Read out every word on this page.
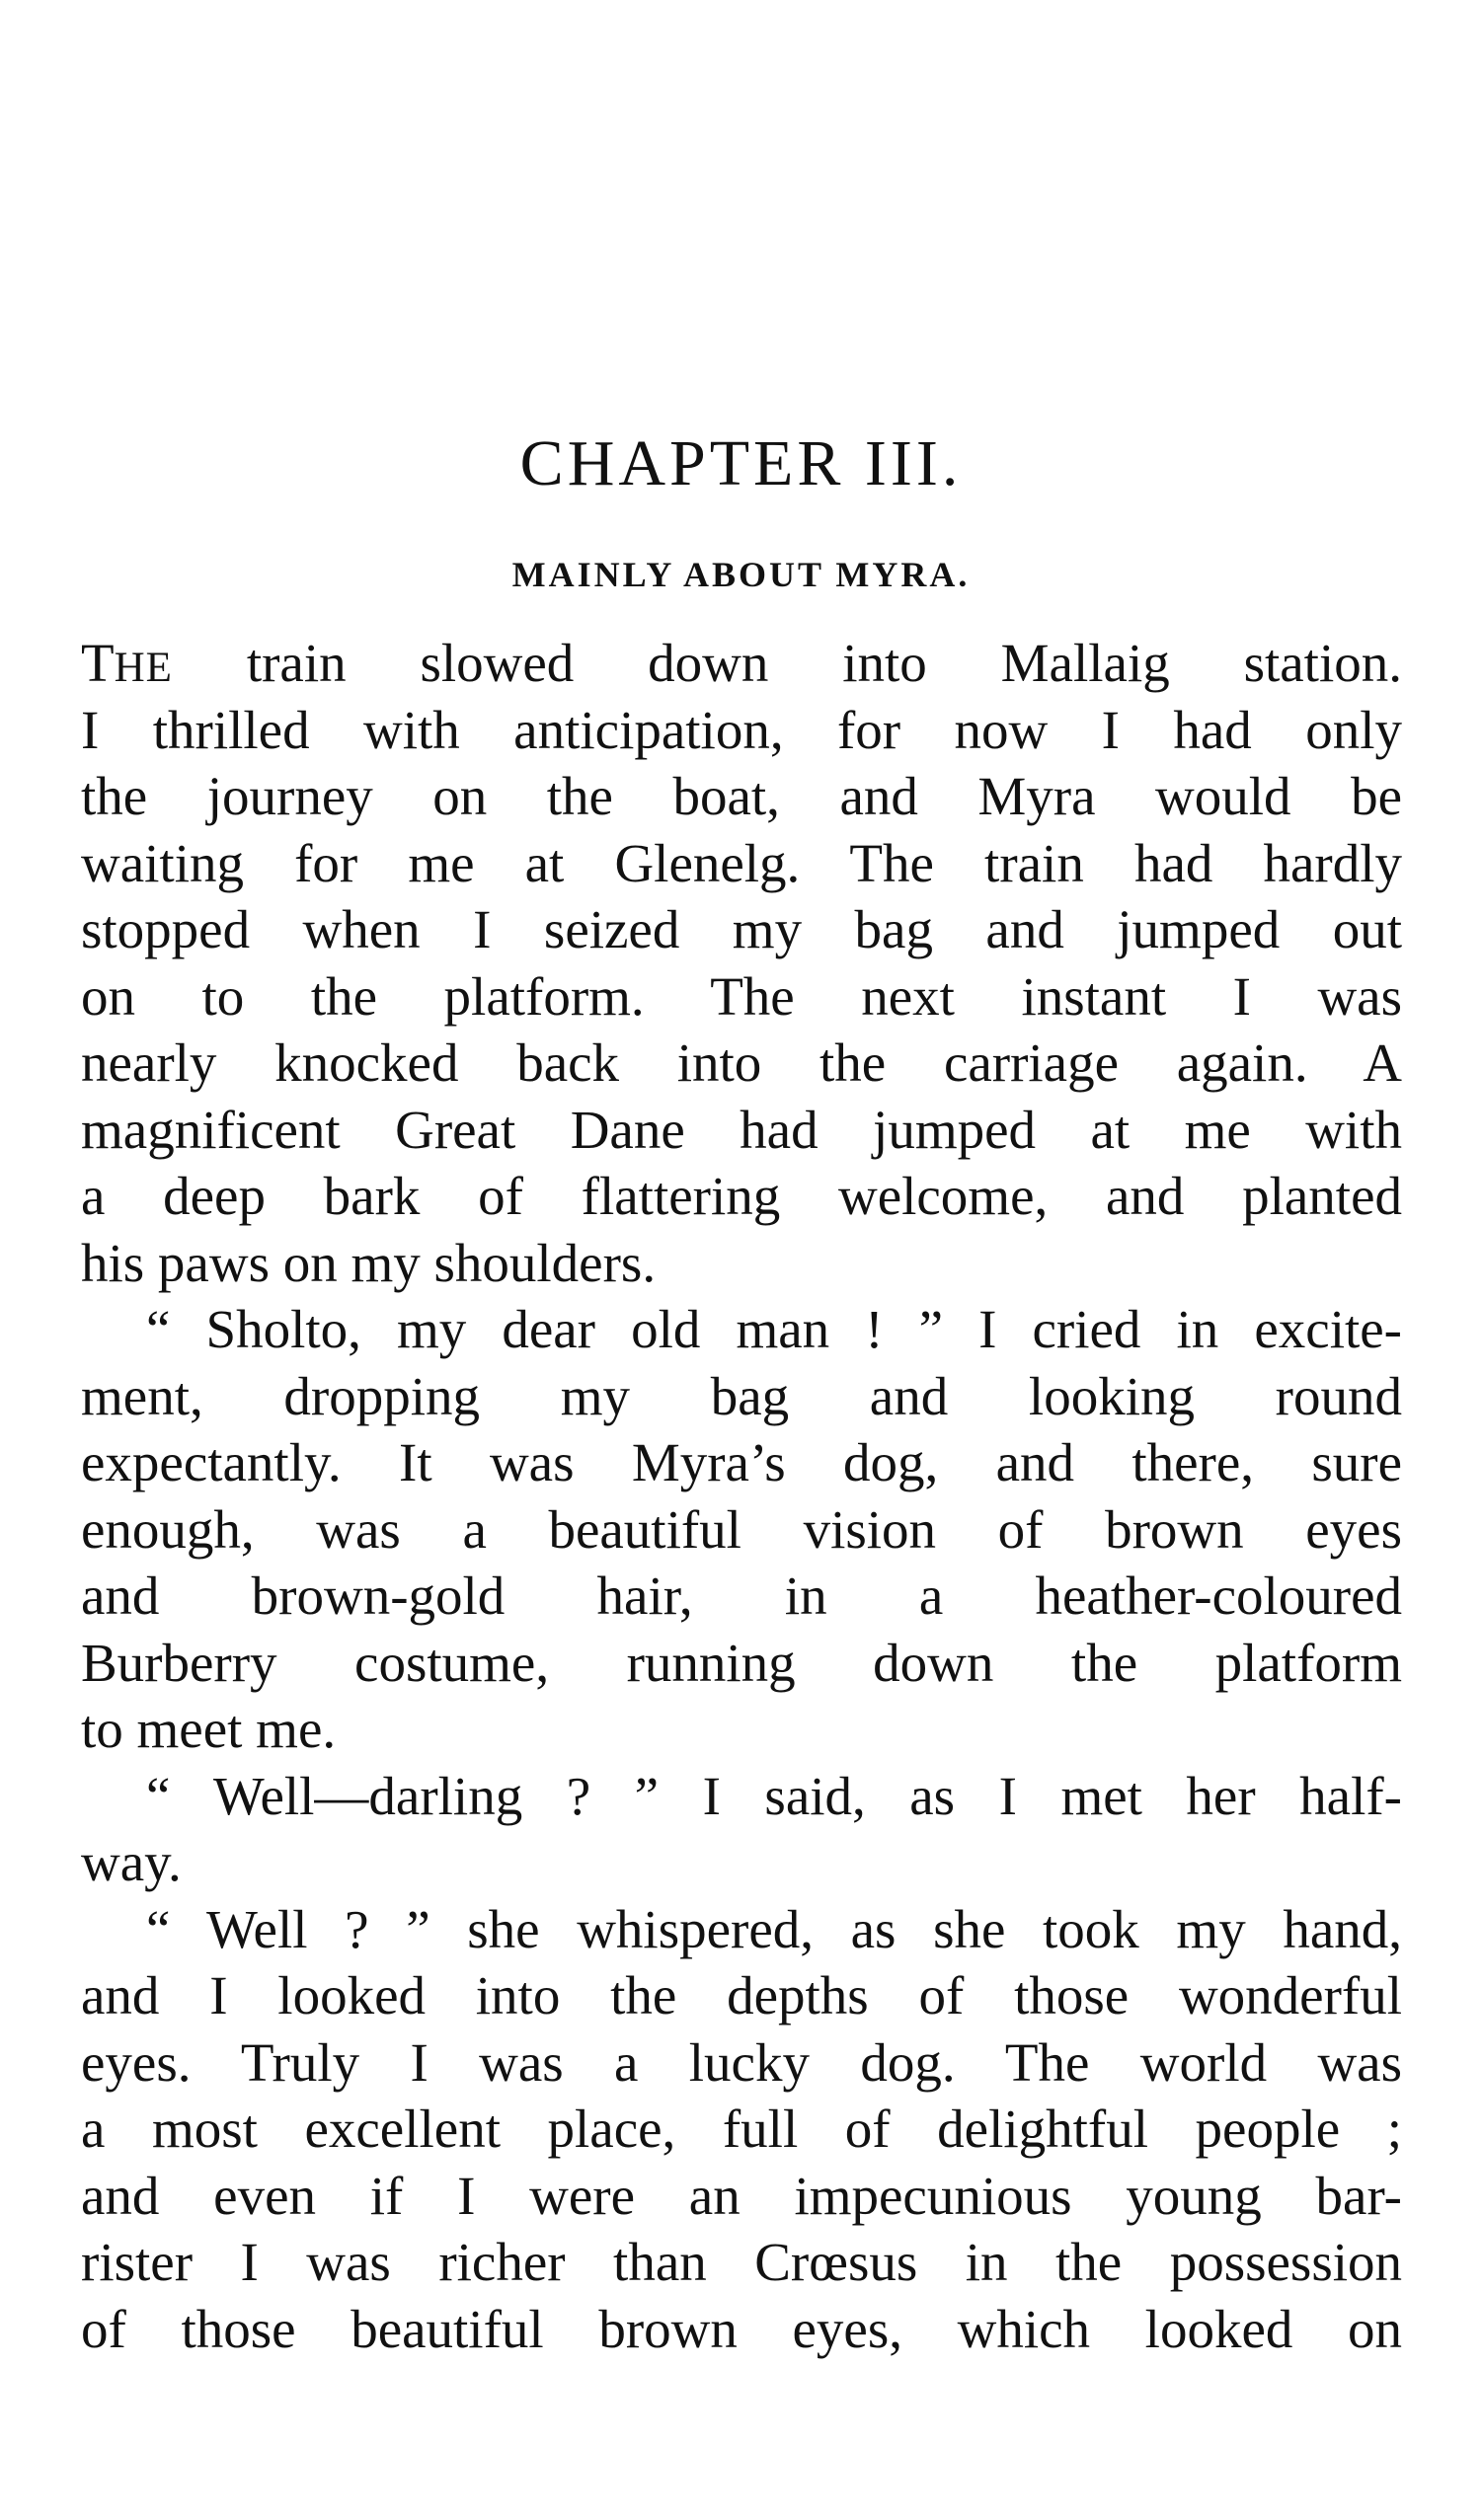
CHAPTER III.
MAINLY ABOUT MYRA.
THE train slowed down into Mallaig station.
I thrilled with anticipation, for now I had only
the journey on the boat, and Myra would be
waiting for me at Glenelg. The train had hardly
stopped when I seized my bag and jumped out
on to the platform. The next instant I was
nearly knocked back into the carriage again. A
magnificent Great Dane had jumped at me with
a deep bark of flattering welcome, and planted
his paws on my shoulders.
“ Sholto, my dear old man ! ” I cried in excite-
ment, dropping my bag and looking round
expectantly. It was Myra’s dog, and there, sure
enough, was a beautiful vision of brown eyes
and brown-gold hair, in a heather-coloured
Burberry costume, running down the platform
to meet me.
“ Well—darling ? ” I said, as I met her half-
way.
“ Well ? ” she whispered, as she took my hand,
and I looked into the depths of those wonderful
eyes. Truly I was a lucky dog. The world was
a most excellent place, full of delightful people ;
and even if I were an impecunious young bar-
rister I was richer than Crœsus in the possession
of those beautiful brown eyes, which looked on
